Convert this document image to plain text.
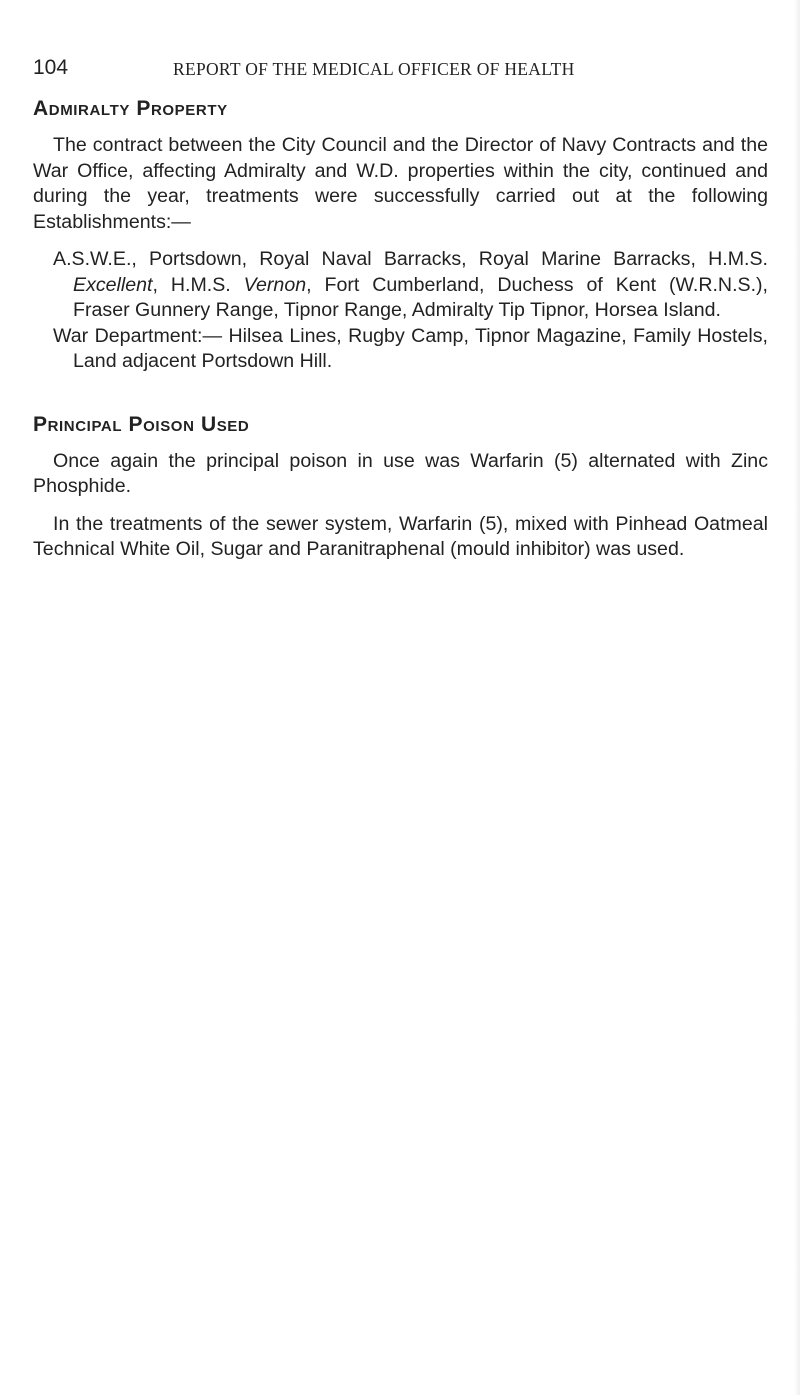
104	REPORT OF THE MEDICAL OFFICER OF HEALTH
Admiralty Property

The contract between the City Council and the Director of Navy Contracts and the War Office, affecting Admiralty and W.D. properties within the city, continued and during the year, treatments were successfully carried out at the following Establishments:—

A.S.W.E., Portsdown, Royal Naval Barracks, Royal Marine Barracks, H.M.S. Excellent, H.M.S. Vernon, Fort Cumberland, Duchess of Kent (W.R.N.S.), Fraser Gunnery Range, Tipnor Range, Admiralty Tip Tipnor, Horsea Island.

War Department:— Hilsea Lines, Rugby Camp, Tipnor Magazine, Family Hostels, Land adjacent Portsdown Hill.

Principal Poison Used

Once again the principal poison in use was Warfarin (5) alternated with Zinc Phosphide.

In the treatments of the sewer system, Warfarin (5), mixed with Pinhead Oatmeal Technical White Oil, Sugar and Paranitraphenal (mould inhibitor) was used.
